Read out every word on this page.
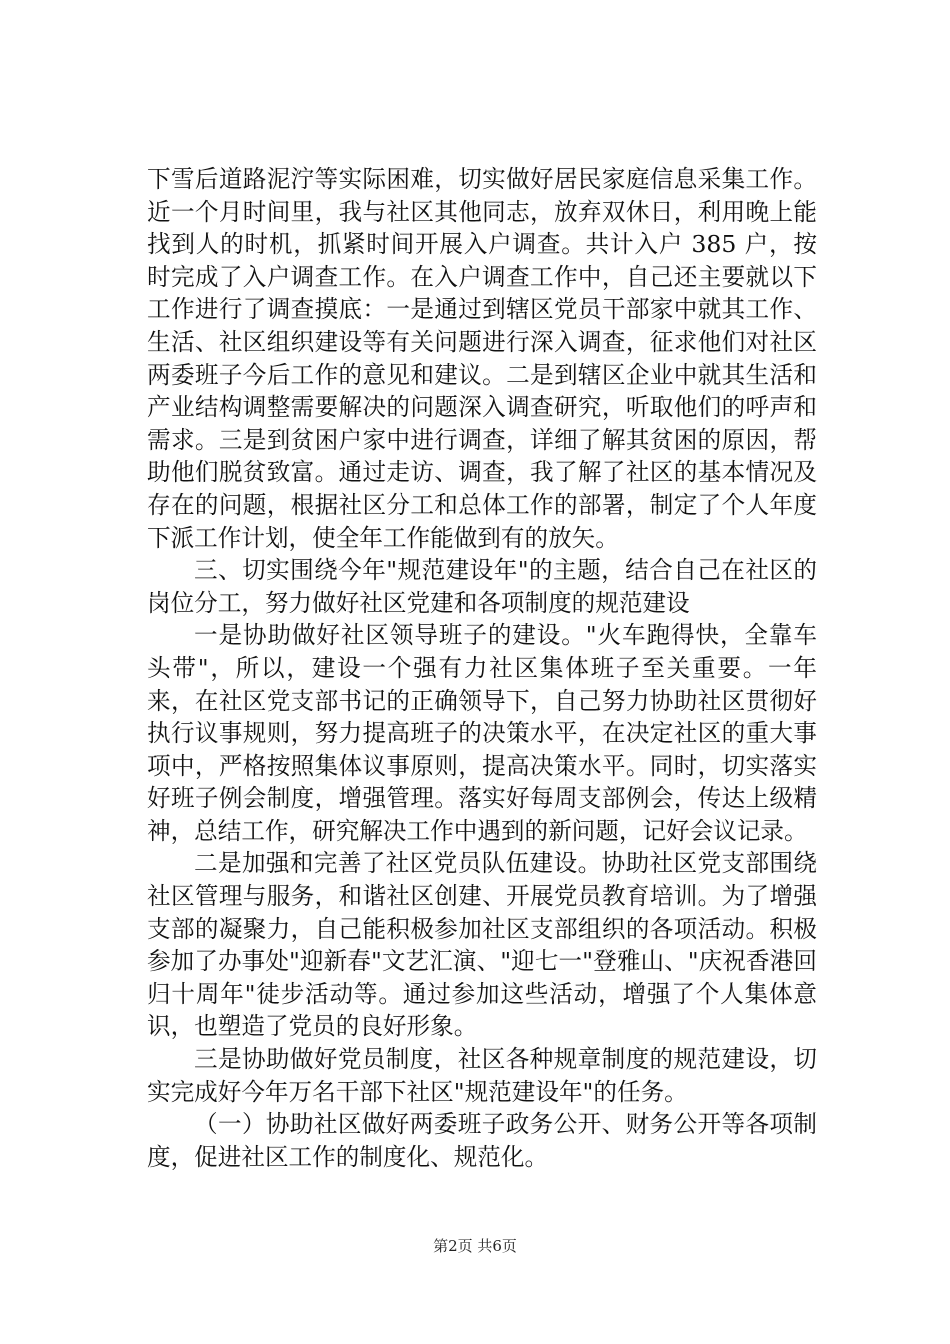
下雪后道路泥泞等实际困难，切实做好居民家庭信息采集工作。近一个月时间里，我与社区其他同志，放弃双休日，利用晚上能找到人的时机，抓紧时间开展入户调查。共计入户 385 户，按时完成了入户调查工作。在入户调查工作中，自己还主要就以下工作进行了调查摸底：一是通过到辖区党员干部家中就其工作、生活、社区组织建设等有关问题进行深入调查，征求他们对社区两委班子今后工作的意见和建议。二是到辖区企业中就其生活和产业结构调整需要解决的问题深入调查研究，听取他们的呼声和需求。三是到贫困户家中进行调查，详细了解其贫困的原因，帮助他们脱贫致富。通过走访、调查，我了解了社区的基本情况及存在的问题，根据社区分工和总体工作的部署，制定了个人年度下派工作计划，使全年工作能做到有的放矢。

三、切实围绕今年"规范建设年"的主题，结合自己在社区的岗位分工，努力做好社区党建和各项制度的规范建设

一是协助做好社区领导班子的建设。"火车跑得快，全靠车头带"，所以，建设一个强有力社区集体班子至关重要。一年来，在社区党支部书记的正确领导下，自己努力协助社区贯彻好执行议事规则，努力提高班子的决策水平，在决定社区的重大事项中，严格按照集体议事原则，提高决策水平。同时，切实落实好班子例会制度，增强管理。落实好每周支部例会，传达上级精神，总结工作，研究解决工作中遇到的新问题，记好会议记录。

二是加强和完善了社区党员队伍建设。协助社区党支部围绕社区管理与服务，和谐社区创建、开展党员教育培训。为了增强支部的凝聚力，自己能积极参加社区支部组织的各项活动。积极参加了办事处"迎新春"文艺汇演、"迎七一"登雅山、"庆祝香港回归十周年"徒步活动等。通过参加这些活动，增强了个人集体意识，也塑造了党员的良好形象。

三是协助做好党员制度，社区各种规章制度的规范建设，切实完成好今年万名干部下社区"规范建设年"的任务。

（一）协助社区做好两委班子政务公开、财务公开等各项制度，促进社区工作的制度化、规范化。

第2页 共6页
